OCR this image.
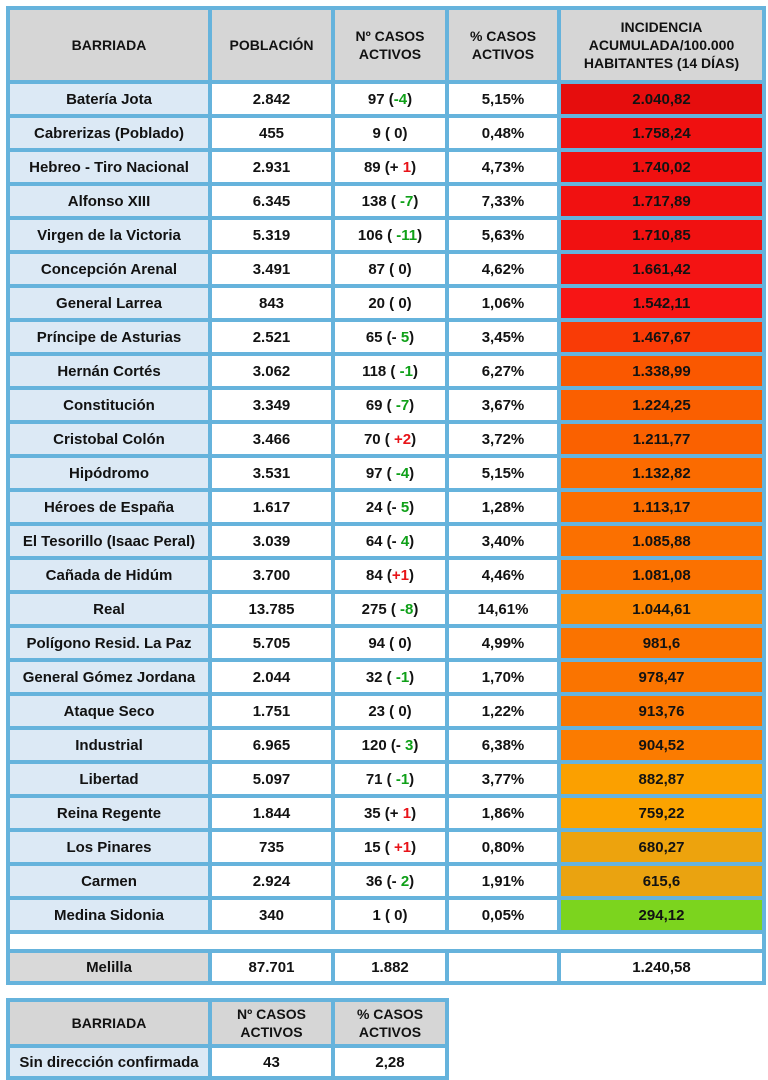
BARRIADA	POBLACIÓN	Nº CASOS ACTIVOS	% CASOS ACTIVOS	INCIDENCIA ACUMULADA/100.000 HABITANTES (14 DÍAS)
Batería Jota	2.842	97 (-4)	5,15%	2.040,82
Cabrerizas (Poblado)	455	9 ( 0)	0,48%	1.758,24
Hebreo - Tiro Nacional	2.931	89 (+ 1)	4,73%	1.740,02
Alfonso XIII	6.345	138 ( -7)	7,33%	1.717,89
Virgen de la Victoria	5.319	106 ( -11)	5,63%	1.710,85
Concepción Arenal	3.491	87 ( 0)	4,62%	1.661,42
General Larrea	843	20 ( 0)	1,06%	1.542,11
Príncipe de Asturias	2.521	65 (- 5)	3,45%	1.467,67
Hernán Cortés	3.062	118 ( -1)	6,27%	1.338,99
Constitución	3.349	69 ( -7)	3,67%	1.224,25
Cristobal Colón	3.466	70 ( +2)	3,72%	1.211,77
Hipódromo	3.531	97 ( -4)	5,15%	1.132,82
Héroes de España	1.617	24 (- 5)	1,28%	1.113,17
El Tesorillo (Isaac Peral)	3.039	64 (- 4)	3,40%	1.085,88
Cañada de Hidúm	3.700	84 (+1)	4,46%	1.081,08
Real	13.785	275 ( -8)	14,61%	1.044,61
Polígono Resid. La Paz	5.705	94 ( 0)	4,99%	981,6
General Gómez Jordana	2.044	32 ( -1)	1,70%	978,47
Ataque Seco	1.751	23 ( 0)	1,22%	913,76
Industrial	6.965	120 (- 3)	6,38%	904,52
Libertad	5.097	71 ( -1)	3,77%	882,87
Reina Regente	1.844	35 (+ 1)	1,86%	759,22
Los Pinares	735	15 ( +1)	0,80%	680,27
Carmen	2.924	36 (- 2)	1,91%	615,6
Medina Sidonia	340	1 ( 0)	0,05%	294,12

Melilla	87.701	1.882		1.240,58
BARRIADA	Nº CASOS ACTIVOS	% CASOS ACTIVOS
Sin dirección confirmada	43	2,28
